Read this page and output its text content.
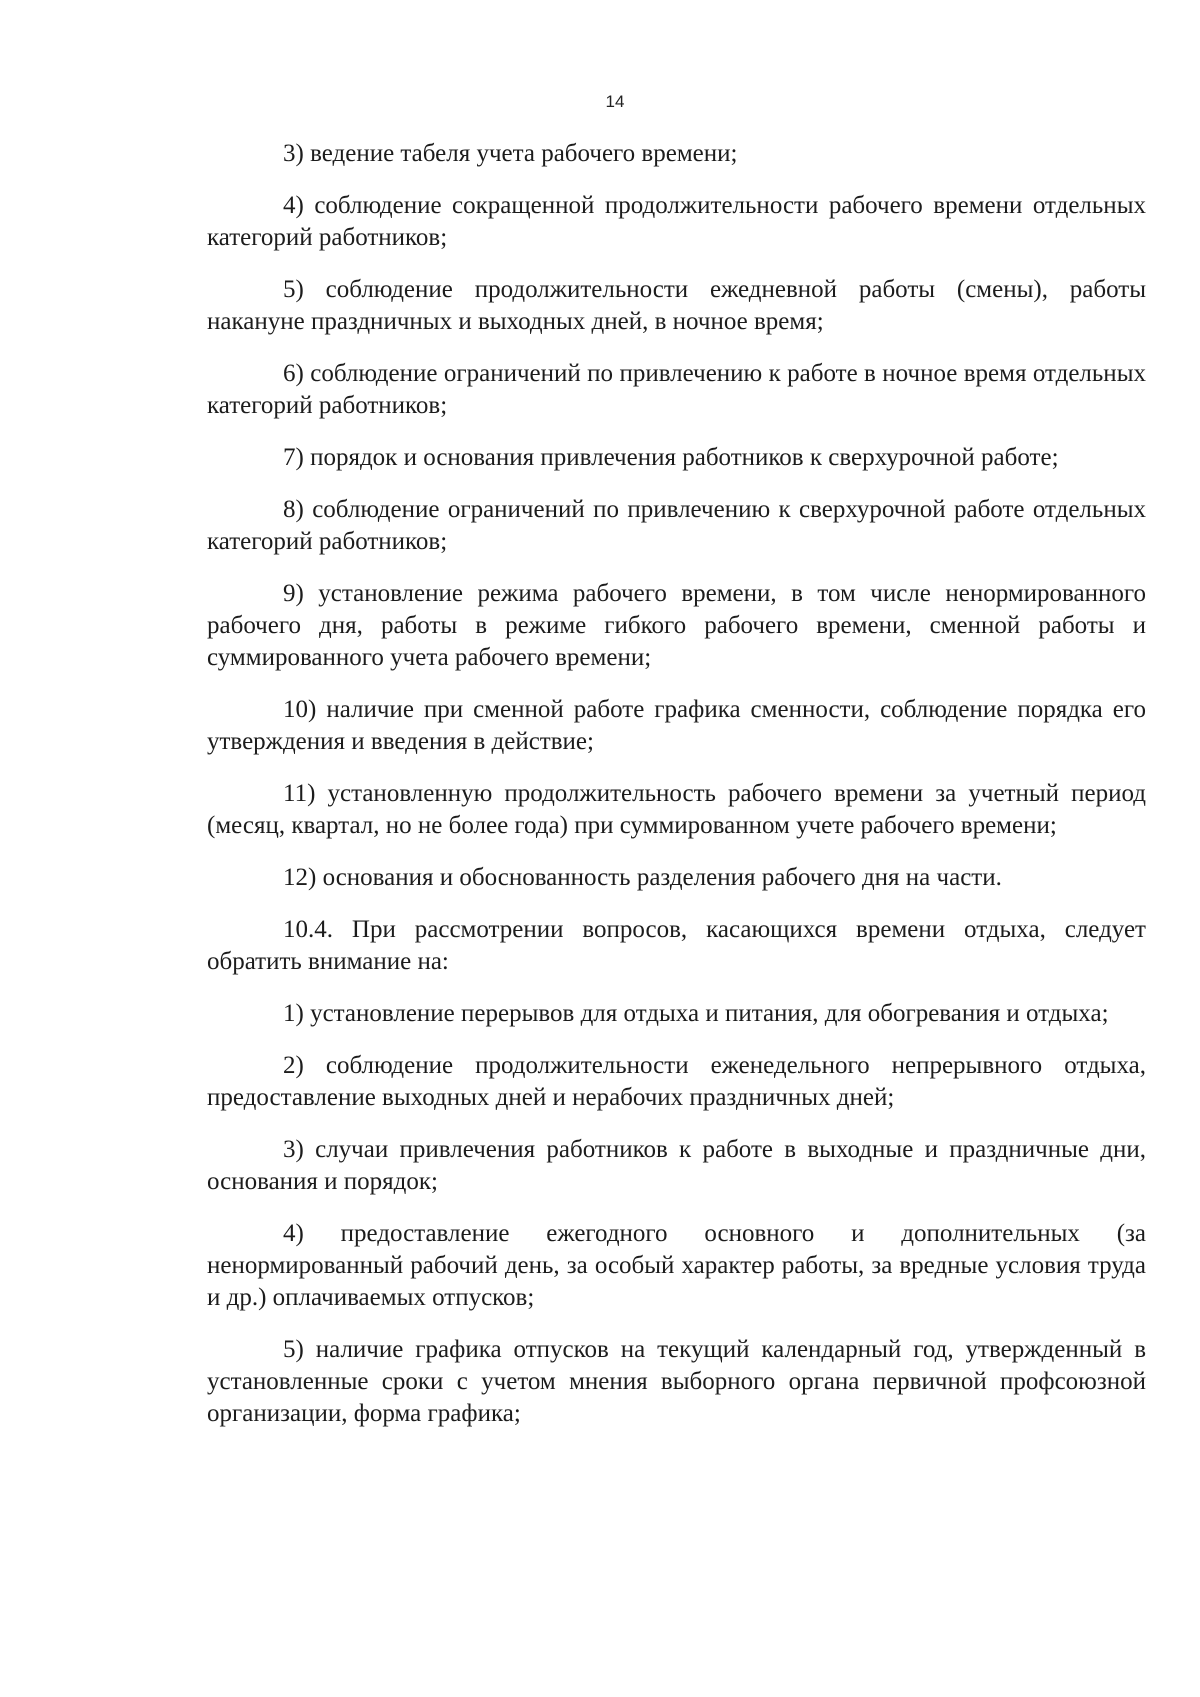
14

3) ведение табеля учета рабочего времени;

4) соблюдение сокращенной продолжительности рабочего времени отдельных категорий работников;

5) соблюдение продолжительности ежедневной работы (смены), работы накануне праздничных и выходных дней, в ночное время;

6) соблюдение ограничений по привлечению к работе в ночное время отдельных категорий работников;

7) порядок и основания привлечения работников к сверхурочной работе;

8) соблюдение ограничений по привлечению к сверхурочной работе отдельных категорий работников;

9) установление режима рабочего времени, в том числе ненормированного рабочего дня, работы в режиме гибкого рабочего времени, сменной работы и суммированного учета рабочего времени;

10) наличие при сменной работе графика сменности, соблюдение порядка его утверждения и введения в действие;

11) установленную продолжительность рабочего времени за учетный период (месяц, квартал, но не более года) при суммированном учете рабочего времени;

12) основания и обоснованность разделения рабочего дня на части.

10.4. При рассмотрении вопросов, касающихся времени отдыха, следует обратить внимание на:

1) установление перерывов для отдыха и питания, для обогревания и отдыха;

2) соблюдение продолжительности еженедельного непрерывного отдыха, предоставление выходных дней и нерабочих праздничных дней;

3) случаи привлечения работников к работе в выходные и праздничные дни, основания и порядок;

4) предоставление ежегодного основного и дополнительных (за ненормированный рабочий день, за особый характер работы, за вредные условия труда и др.) оплачиваемых отпусков;

5) наличие графика отпусков на текущий календарный год, утвержденный в установленные сроки с учетом мнения выборного органа первичной профсоюзной организации, форма графика;
